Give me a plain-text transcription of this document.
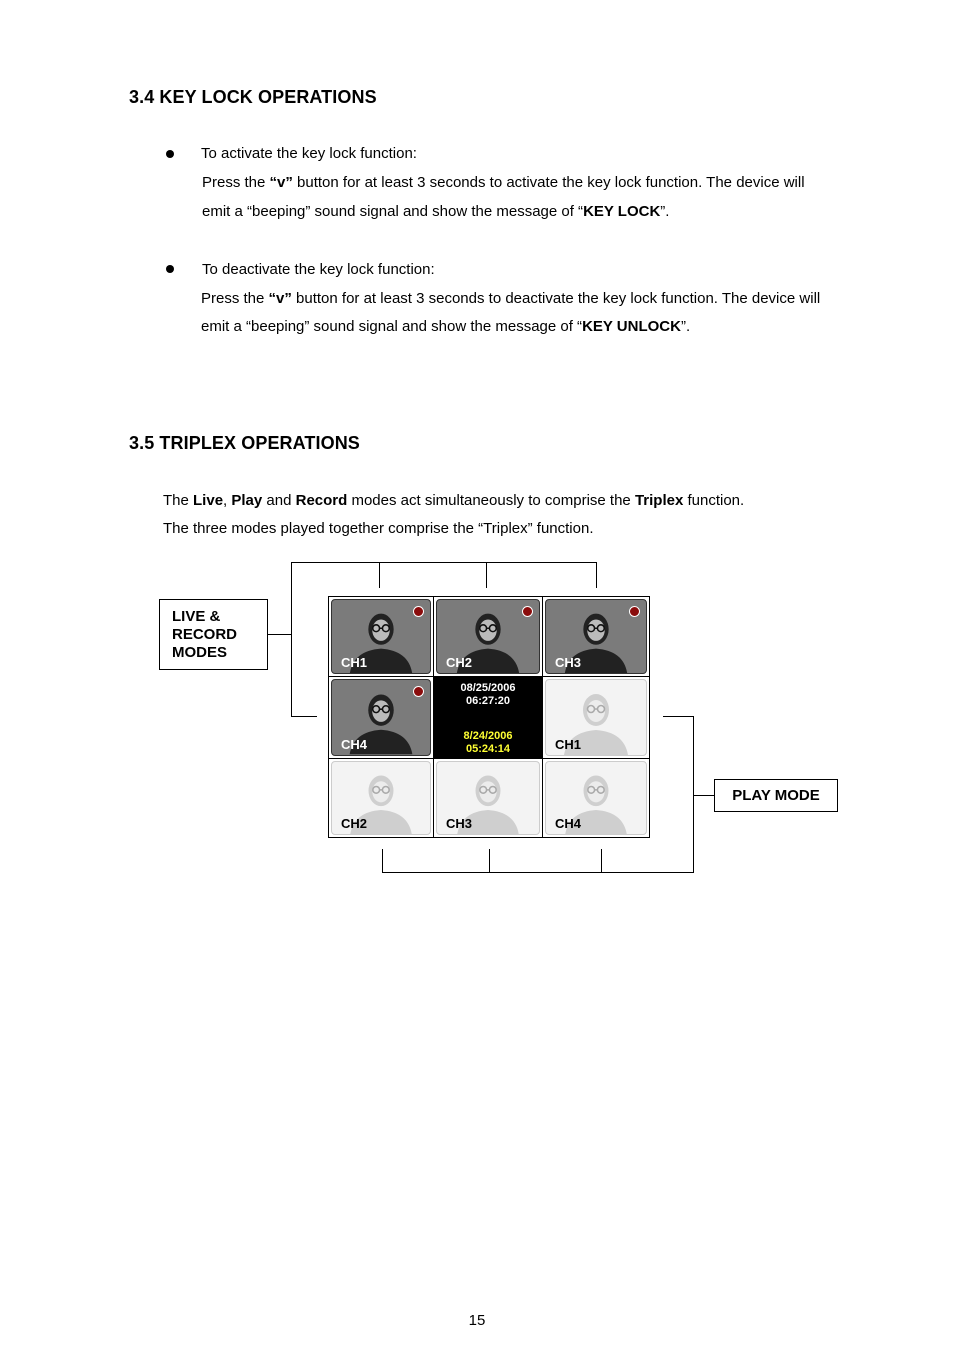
3.4 KEY LOCK OPERATIONS
To activate the key lock function:
Press the “v” button for at least 3 seconds to activate the key lock function. The device will
emit a “beeping” sound signal and show the message of “KEY LOCK”.
To deactivate the key lock function:
Press the “v” button for at least 3 seconds to deactivate the key lock function. The device will
emit a “beeping” sound signal and show the message of “KEY UNLOCK”.
3.5 TRIPLEX OPERATIONS
The Live, Play and Record modes act simultaneously to comprise the Triplex function.
The three modes played together comprise the “Triplex” function.
LIVE &
RECORD
MODES
PLAY MODE
CH1	CH2	CH3
CH4
08/25/2006
06:27:20
8/24/2006
05:24:14	CH1
CH2	CH3	CH4
15
